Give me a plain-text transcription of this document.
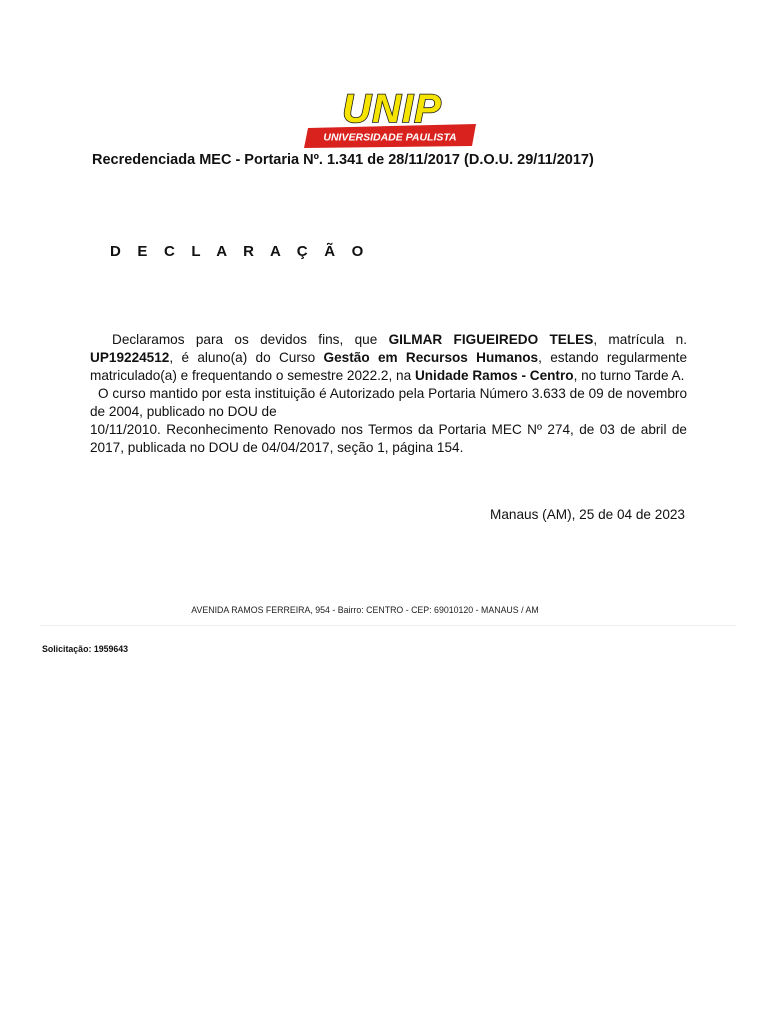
UNIVERSIDADE PAULISTA
UNIP
Recredenciada MEC - Portaria Nº. 1.341 de 28/11/2017 (D.O.U. 29/11/2017)
D E C L A R A Ç Ã O

Declaramos para os devidos fins, que GILMAR FIGUEIREDO TELES, matrícula n. UP19224512, é aluno(a) do Curso Gestão em Recursos Humanos, estando regularmente matriculado(a) e frequentando o semestre 2022.2, na Unidade Ramos - Centro, no turno Tarde A.

O curso mantido por esta instituição é Autorizado pela Portaria Número 3.633 de 09 de novembro de 2004, publicado no DOU de

10/11/2010. Reconhecimento Renovado nos Termos da Portaria MEC Nº 274, de 03 de abril de 2017, publicada no DOU de 04/04/2017, seção 1, página 154.

Manaus (AM), 25 de 04 de 2023
AVENIDA RAMOS FERREIRA, 954 - Bairro: CENTRO - CEP: 69010120 - MANAUS / AM
Solicitação: 1959643
